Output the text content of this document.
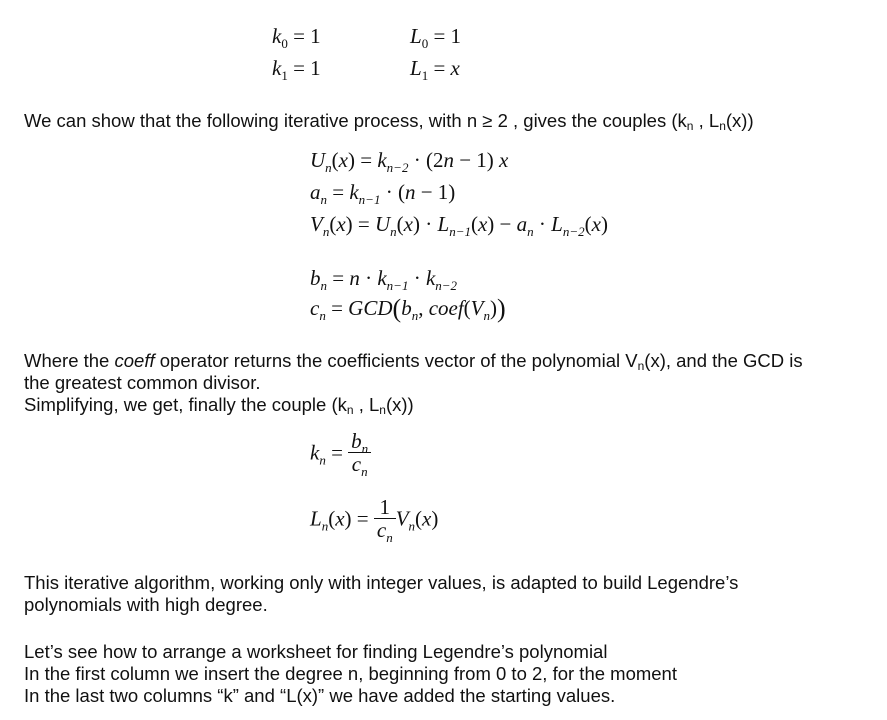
$k_0 = 1$
$k_1 = 1$
$L_0 = 1$
$L_1 = x$
We can show that the following iterative process, with n ≥ 2 , gives the couples ($k_n$ , $L_n(x)$)
$U_n(x) = k_{n-2} \cdot (2n - 1)$ x
$a_n = k_{n-1} \cdot (n - 1)$
$V_n(x) = U_n(x) \cdot L_{n-1}(x) - a_n \cdot L_{n-2}(x)$
$b_n = n \cdot k_{n-1} \cdot k_{n-2}$
$c_n = GCD(b_n$, $coef(V_n)$)
Where the coeff operator returns the coefficients vector of the polynomial $V_n(x)$, and the GCD is
the greatest common divisor.
Simplifying, we get, finally the couple ($k_n$ , $L_n(x)$)
$k_n = \frac{b_n}{c_n}$
$L_n(x) = \frac{1}{c_n} V_n(x)$
This iterative algorithm, working only with integer values, is adapted to build Legendre’s
polynomials with high degree.
Let’s see how to arrange a worksheet for finding Legendre’s polynomial
In the first column we insert the degree n, beginning from 0 to 2, for the moment
In the last two columns “k” and “L(x)” we have added the starting values.
